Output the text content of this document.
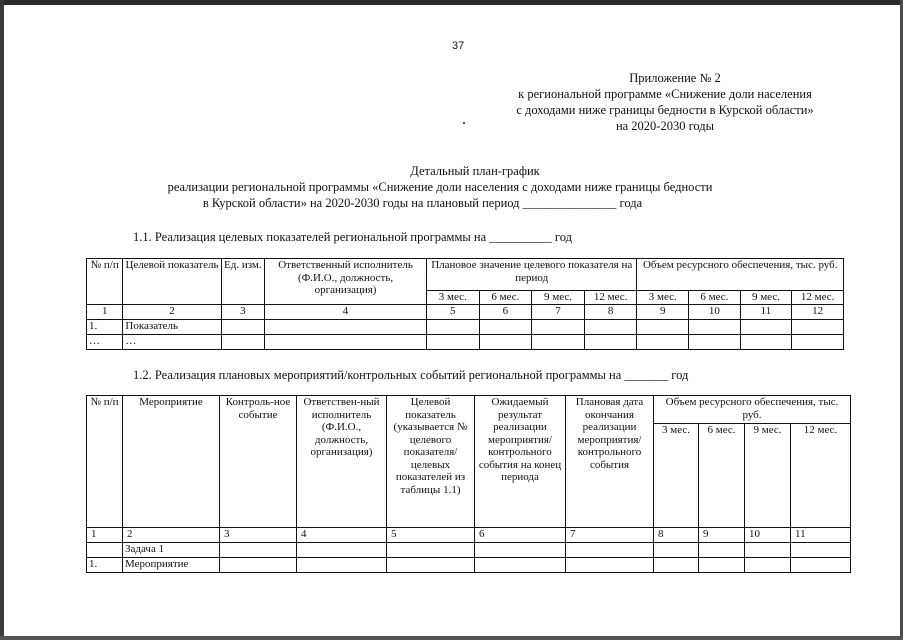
37
Приложение № 2
к региональной программе «Снижение доли населения
с доходами ниже границы бедности в Курской области»
на 2020-2030 годы
Детальный план-график
реализации региональной программы «Снижение доли населения с доходами ниже границы бедности
в Курской области» на 2020-2030 годы на плановый период _______________ года
1.1. Реализация целевых показателей региональной программы на __________ год
№ п/п	Целевой показатель	Ед. изм.	Ответственный исполнитель (Ф.И.О., должность, организация)	Плановое значение целевого показателя на период				Объем ресурсного обеспечения, тыс. руб.			
				3 мес.	6 мес.	9 мес.	12 мес.	3 мес.	6 мес.	9 мес.	12 мес.
1	2	3	4	5	6	7	8	9	10	11	12
1.	Показатель										
…	…										
1.2. Реализация плановых мероприятий/контрольных событий региональной программы на _______ год
№ п/п	Мероприятие	Контроль-ное событие	Ответствен-ный исполнитель (Ф.И.О., должность, организация)	Целевой показатель (указывается № целевого показателя/ целевых показателей из таблицы 1.1)	Ожидаемый результат реализации мероприятия/ контрольного события на конец периода	Плановая дата окончания реализации мероприятия/ контрольного события	Объем ресурсного обеспечения, тыс. руб.			
							3 мес.	6 мес.	9 мес.	12 мес.
1	2	3	4	5	6	7	8	9	10	11
	Задача 1									
1.	Мероприятие									
